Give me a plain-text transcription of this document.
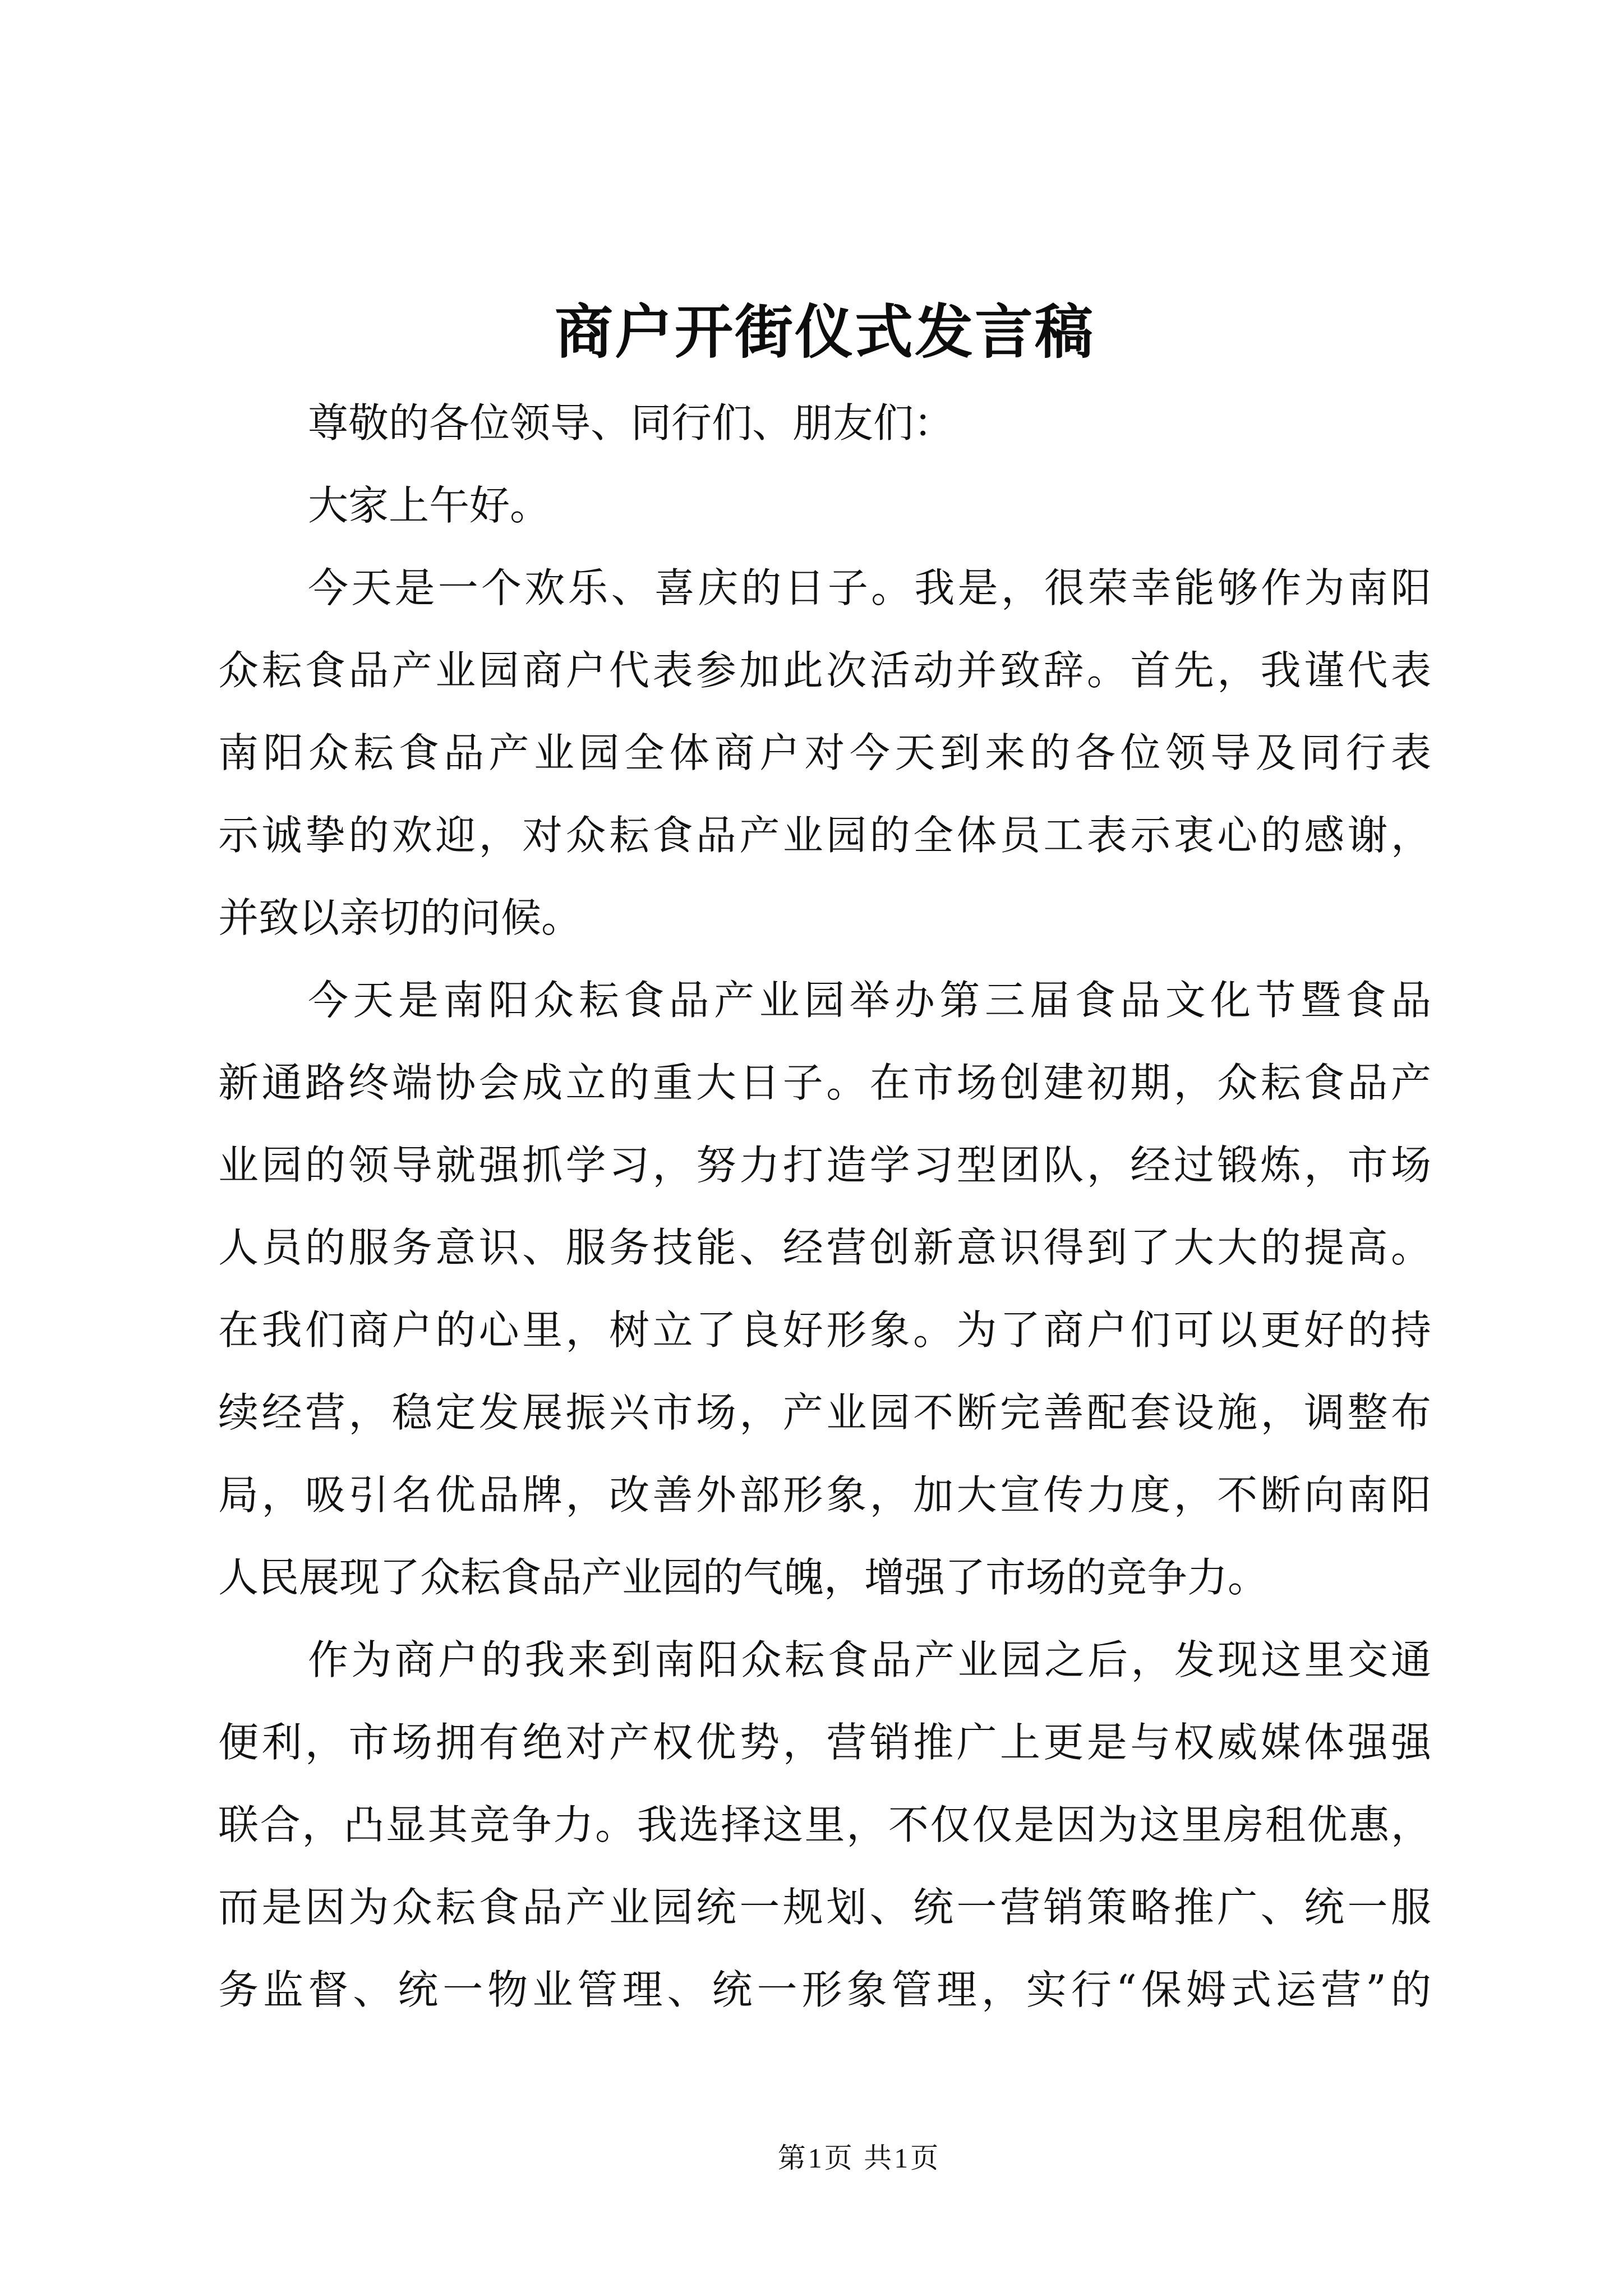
商户开街仪式发言稿
尊敬的各位领导、同行们、朋友们：
大家上午好。
今天是一个欢乐、喜庆的日子。我是，很荣幸能够作为南阳
众耘食品产业园商户代表参加此次活动并致辞。首先，我谨代表
南阳众耘食品产业园全体商户对今天到来的各位领导及同行表
示诚挚的欢迎，对众耘食品产业园的全体员工表示衷心的感谢，
并致以亲切的问候。
今天是南阳众耘食品产业园举办第三届食品文化节暨食品
新通路终端协会成立的重大日子。在市场创建初期，众耘食品产
业园的领导就强抓学习，努力打造学习型团队，经过锻炼，市场
人员的服务意识、服务技能、经营创新意识得到了大大的提高。
在我们商户的心里，树立了良好形象。为了商户们可以更好的持
续经营，稳定发展振兴市场，产业园不断完善配套设施，调整布
局，吸引名优品牌，改善外部形象，加大宣传力度，不断向南阳
人民展现了众耘食品产业园的气魄，增强了市场的竞争力。
作为商户的我来到南阳众耘食品产业园之后，发现这里交通
便利，市场拥有绝对产权优势，营销推广上更是与权威媒体强强
联合，凸显其竞争力。我选择这里，不仅仅是因为这里房租优惠，
而是因为众耘食品产业园统一规划、统一营销策略推广、统一服
务监督、统一物业管理、统一形象管理，实行“保姆式运营”的
第1页 共1页
